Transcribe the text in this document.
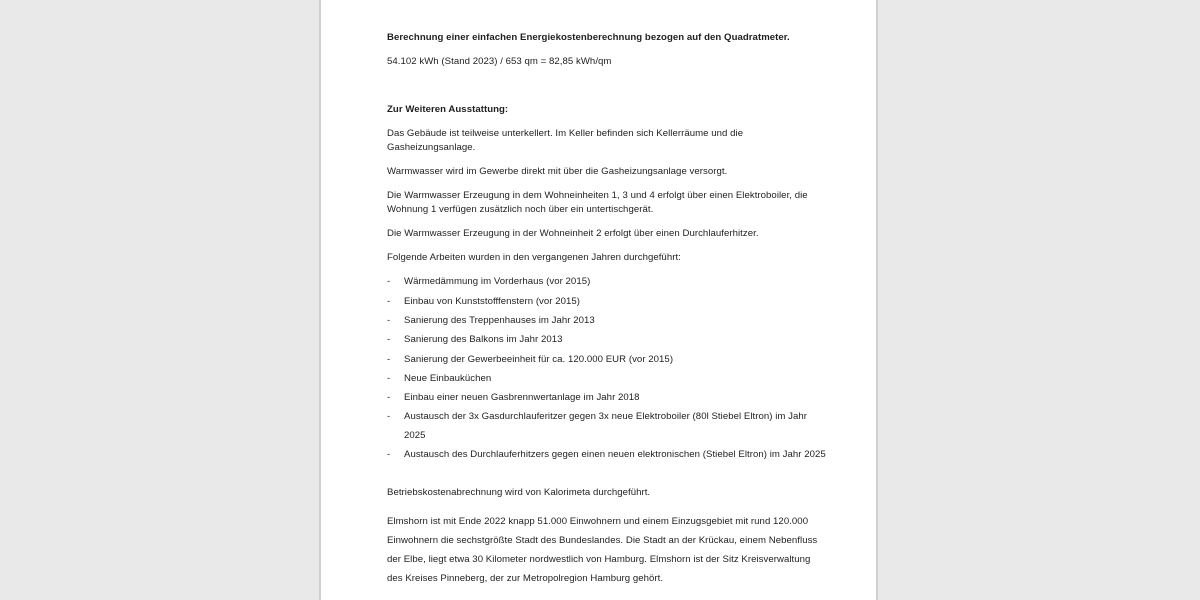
Berechnung einer einfachen Energiekostenberechnung bezogen auf den Quadratmeter.
54.102 kWh (Stand 2023) / 653 qm = 82,85 kWh/qm
Zur Weiteren Ausstattung:
Das Gebäude ist teilweise unterkellert. Im Keller befinden sich Kellerräume und die
Gasheizungsanlage.
Warmwasser wird im Gewerbe direkt mit über die Gasheizungsanlage versorgt.
Die Warmwasser Erzeugung in dem Wohneinheiten 1, 3 und 4 erfolgt über einen Elektroboiler, die
Wohnung 1 verfügen zusätzlich noch über ein untertischgerät.
Die Warmwasser Erzeugung in der Wohneinheit 2 erfolgt über einen Durchlauferhitzer.
Folgende Arbeiten wurden in den vergangenen Jahren durchgeführt:
- Wärmedämmung im Vorderhaus (vor 2015)
- Einbau von Kunststofffenstern (vor 2015)
- Sanierung des Treppenhauses im Jahr 2013
- Sanierung des Balkons im Jahr 2013
- Sanierung der Gewerbeeinheit für ca. 120.000 EUR (vor 2015)
- Neue Einbauküchen
- Einbau einer neuen Gasbrennwertanlage im Jahr 2018
- Austausch der 3x Gasdurchlauferitzer gegen 3x neue Elektroboiler (80l Stiebel Eltron) im Jahr
2025
- Austausch des Durchlauferhitzers gegen einen neuen elektronischen (Stiebel Eltron) im Jahr 2025
Betriebskostenabrechnung wird von Kalorimeta durchgeführt.
Elmshorn ist mit Ende 2022 knapp 51.000 Einwohnern und einem Einzugsgebiet mit rund 120.000
Einwohnern die sechstgrößte Stadt des Bundeslandes. Die Stadt an der Krückau, einem Nebenfluss
der Elbe, liegt etwa 30 Kilometer nordwestlich von Hamburg. Elmshorn ist der Sitz Kreisverwaltung
des Kreises Pinneberg, der zur Metropolregion Hamburg gehört.
